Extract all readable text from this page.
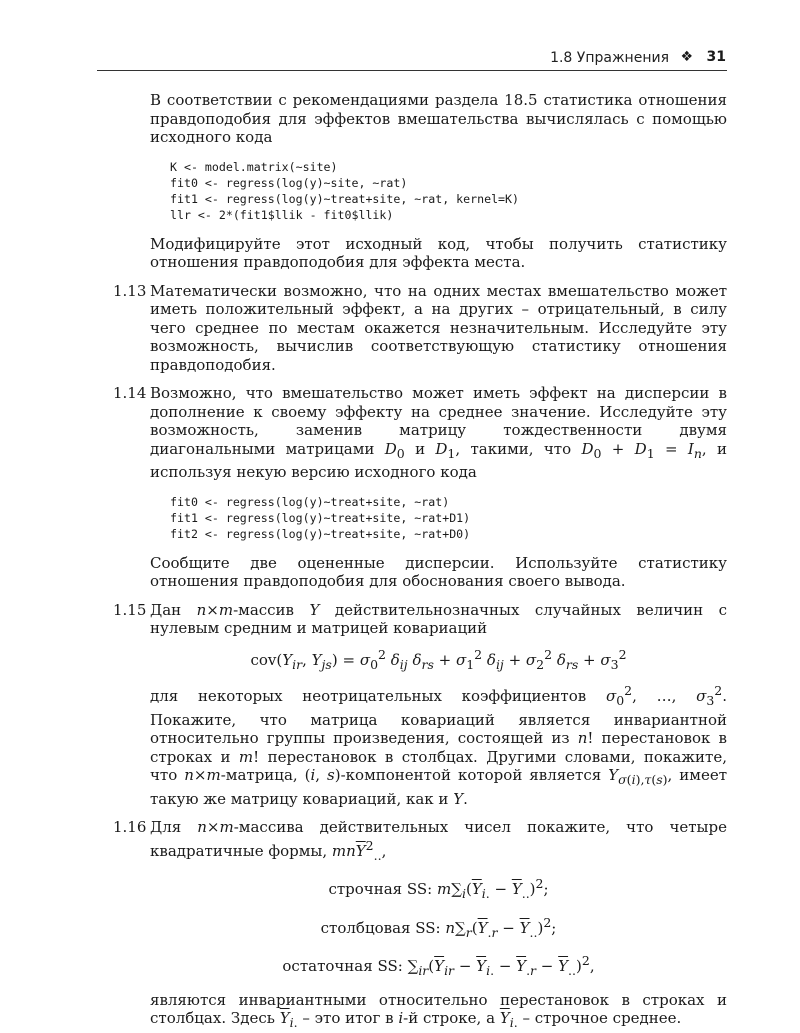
1.8 Упражнения ❖ 31

В соответствии с рекомендациями раздела 18.5 статистика отношения правдоподобия для эффектов вмешательства вычислялась с помощью исходного кода

K <- model.matrix(~site)
fit0 <- regress(log(y)~site, ~rat)
fit1 <- regress(log(y)~treat+site, ~rat, kernel=K)
llr <- 2*(fit1$llik - fit0$llik)

Модифицируйте этот исходный код, чтобы получить статистику отношения правдоподобия для эффекта места.

1.13 Математически возможно, что на одних местах вмешательство может иметь положительный эффект, а на других – отрицательный, в силу чего среднее по местам окажется незначительным. Исследуйте эту возможность, вычислив соответствующую статистику отношения правдоподобия.

1.14 Возможно, что вмешательство может иметь эффект на дисперсии в дополнение к своему эффекту на среднее значение. Исследуйте эту возможность, заменив матрицу тождественности двумя диагональными матрицами $D_0$ и $D_1$, такими, что $D_0 + D_1 = I_n$, и используя некую версию исходного кода

fit0 <- regress(log(y)~treat+site, ~rat)
fit1 <- regress(log(y)~treat+site, ~rat+D1)
fit2 <- regress(log(y)~treat+site, ~rat+D0)

Сообщите две оцененные дисперсии. Используйте статистику отношения правдоподобия для обоснования своего вывода.

1.15 Дан n×m-массив Y действительнозначных случайных величин с нулевым средним и матрицей ковариаций

$cov(Y_{ir}$, $Y_{js}) = \sigma_0^2$ $\delta_{ij}$ $\delta_{rs} + \sigma_1^2$ $\delta_{ij} + \sigma_2^2$ $\delta_{rs} + \sigma_3^2$

для некоторых неотрицательных коэффициентов $\sigma_0^2$, …, $\sigma_3^2$. Покажите, что матрица ковариаций является инвариантной относительно группы произведения, состоящей из n! перестановок в строках и m! перестановок в столбцах. Другими словами, покажите, что n×m-матрица, (i, s)-компонентой которой является $Y_{\sigma(i),\tau(s)}$, имеет такую же матрицу ковариаций, как и Y.

1.16 Для n×m-массива действительных чисел покажите, что четыре квадратичные формы, $mn\overline{Y}^2_{..}$,

строчная SS: $m\sum_i(\overline{Y}_{i.} - \overline{Y}_{..})^2$;
столбцовая SS: $n\sum_r(\overline{Y}_{.r} - \overline{Y}_{..})^2$;
остаточная SS: $\sum_{ir}(\overline{Y}_{ir} - \overline{Y}_{i.} - \overline{Y}_{.r} - \overline{Y}_{..})^2$,

являются инвариантными относительно перестановок в строках и столбцах. Здесь $\overline{Y}_{i.}$ – это итог в i-й строке, а $\overline{Y}_{i.}$ – строчное среднее.
